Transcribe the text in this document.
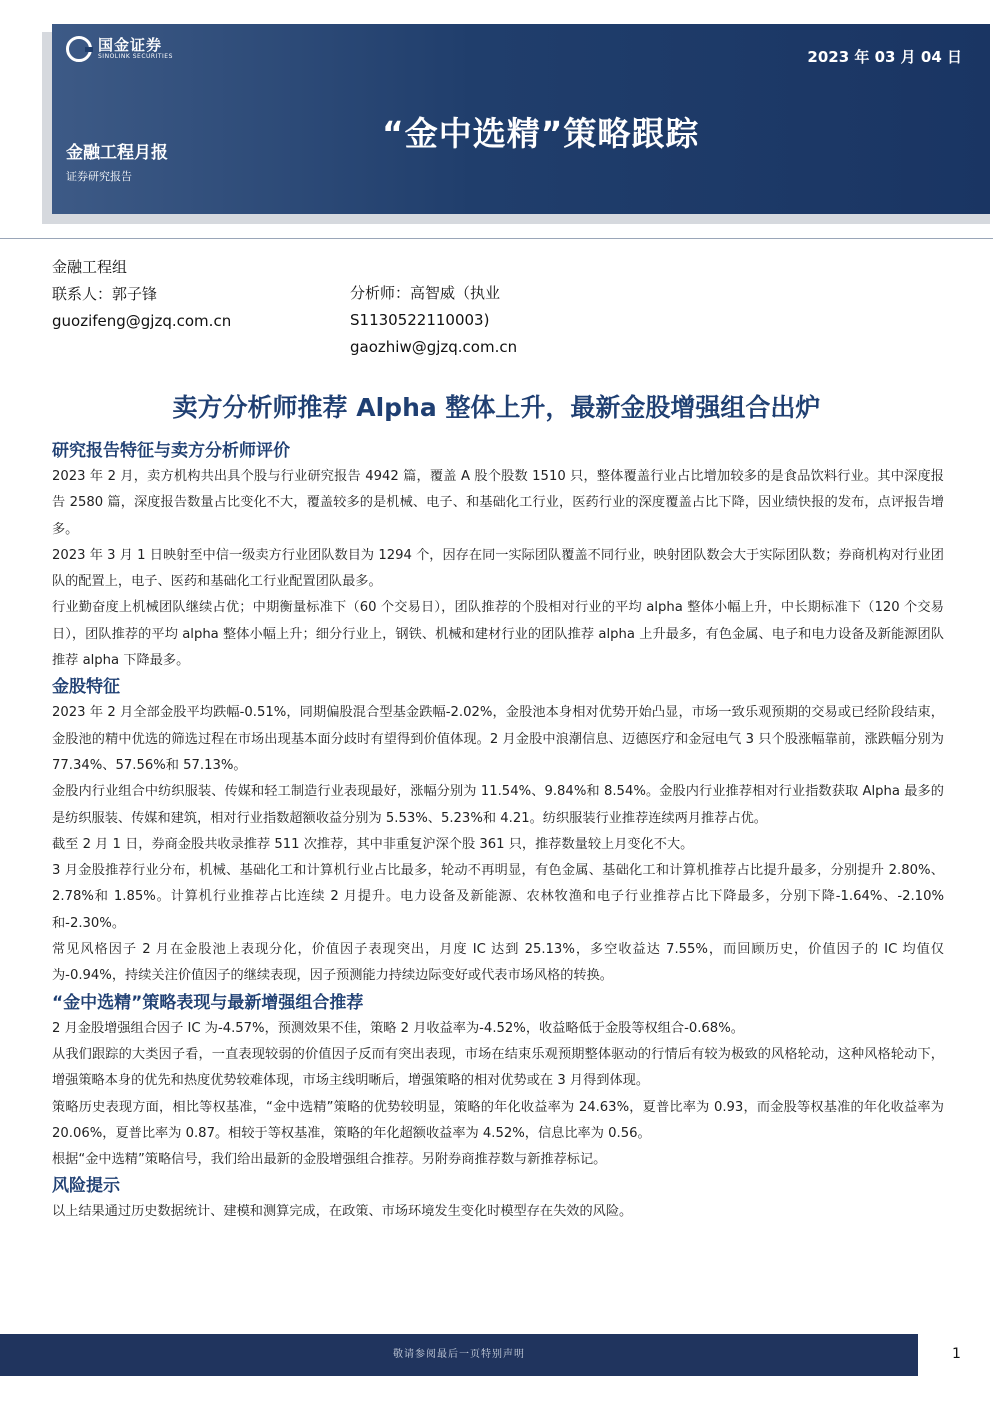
国金证券
SINOLINK SECURITIES	2023 年 03 月 04 日
“金中选精”策略跟踪
金融工程月报
证券研究报告
金融工程组
联系人：郭子锋
guozifeng@gjzq.com.cn
分析师：高智威（执业
S1130522110003)
gaozhiw@gjzq.com.cn
卖方分析师推荐 Alpha 整体上升，最新金股增强组合出炉
研究报告特征与卖方分析师评价

2023 年 2 月，卖方机构共出具个股与行业研究报告 4942 篇，覆盖 A 股个股数 1510 只，整体覆盖行业占比增加较多的是食品饮料行业。其中深度报告 2580 篇，深度报告数量占比变化不大，覆盖较多的是机械、电子、和基础化工行业，医药行业的深度覆盖占比下降，因业绩快报的发布，点评报告增多。

2023 年 3 月 1 日映射至中信一级卖方行业团队数目为 1294 个，因存在同一实际团队覆盖不同行业，映射团队数会大于实际团队数；券商机构对行业团队的配置上，电子、医药和基础化工行业配置团队最多。

行业勤奋度上机械团队继续占优；中期衡量标准下（60 个交易日），团队推荐的个股相对行业的平均 alpha 整体小幅上升，中长期标准下（120 个交易日），团队推荐的平均 alpha 整体小幅上升；细分行业上，钢铁、机械和建材行业的团队推荐 alpha 上升最多，有色金属、电子和电力设备及新能源团队推荐 alpha 下降最多。

金股特征

2023 年 2 月全部金股平均跌幅-0.51%，同期偏股混合型基金跌幅-2.02%，金股池本身相对优势开始凸显，市场一致乐观预期的交易或已经阶段结束，金股池的精中优选的筛选过程在市场出现基本面分歧时有望得到价值体现。2 月金股中浪潮信息、迈德医疗和金冠电气 3 只个股涨幅靠前，涨跌幅分别为 77.34%、57.56%和 57.13%。

金股内行业组合中纺织服装、传媒和轻工制造行业表现最好，涨幅分别为 11.54%、9.84%和 8.54%。金股内行业推荐相对行业指数获取 Alpha 最多的是纺织服装、传媒和建筑，相对行业指数超额收益分别为 5.53%、5.23%和 4.21。纺织服装行业推荐连续两月推荐占优。

截至 2 月 1 日，券商金股共收录推荐 511 次推荐，其中非重复沪深个股 361 只，推荐数量较上月变化不大。

3 月金股推荐行业分布，机械、基础化工和计算机行业占比最多，轮动不再明显，有色金属、基础化工和计算机推荐占比提升最多，分别提升 2.80%、2.78%和 1.85%。计算机行业推荐占比连续 2 月提升。电力设备及新能源、农林牧渔和电子行业推荐占比下降最多，分别下降-1.64%、-2.10%和-2.30%。

常见风格因子 2 月在金股池上表现分化，价值因子表现突出，月度 IC 达到 25.13%，多空收益达 7.55%，而回顾历史，价值因子的 IC 均值仅为-0.94%，持续关注价值因子的继续表现，因子预测能力持续边际变好或代表市场风格的转换。

“金中选精”策略表现与最新增强组合推荐

2 月金股增强组合因子 IC 为-4.57%，预测效果不佳，策略 2 月收益率为-4.52%，收益略低于金股等权组合-0.68%。

从我们跟踪的大类因子看，一直表现较弱的价值因子反而有突出表现，市场在结束乐观预期整体驱动的行情后有较为极致的风格轮动，这种风格轮动下，增强策略本身的优先和热度优势较难体现，市场主线明晰后，增强策略的相对优势或在 3 月得到体现。

策略历史表现方面，相比等权基准，“金中选精”策略的优势较明显，策略的年化收益率为 24.63%，夏普比率为 0.93，而金股等权基准的年化收益率为 20.06%，夏普比率为 0.87。相较于等权基准，策略的年化超额收益率为 4.52%，信息比率为 0.56。

根据“金中选精”策略信号，我们给出最新的金股增强组合推荐。另附券商推荐数与新推荐标记。

风险提示

以上结果通过历史数据统计、建模和测算完成，在政策、市场环境发生变化时模型存在失效的风险。

敬请参阅最后一页特别声明	1
